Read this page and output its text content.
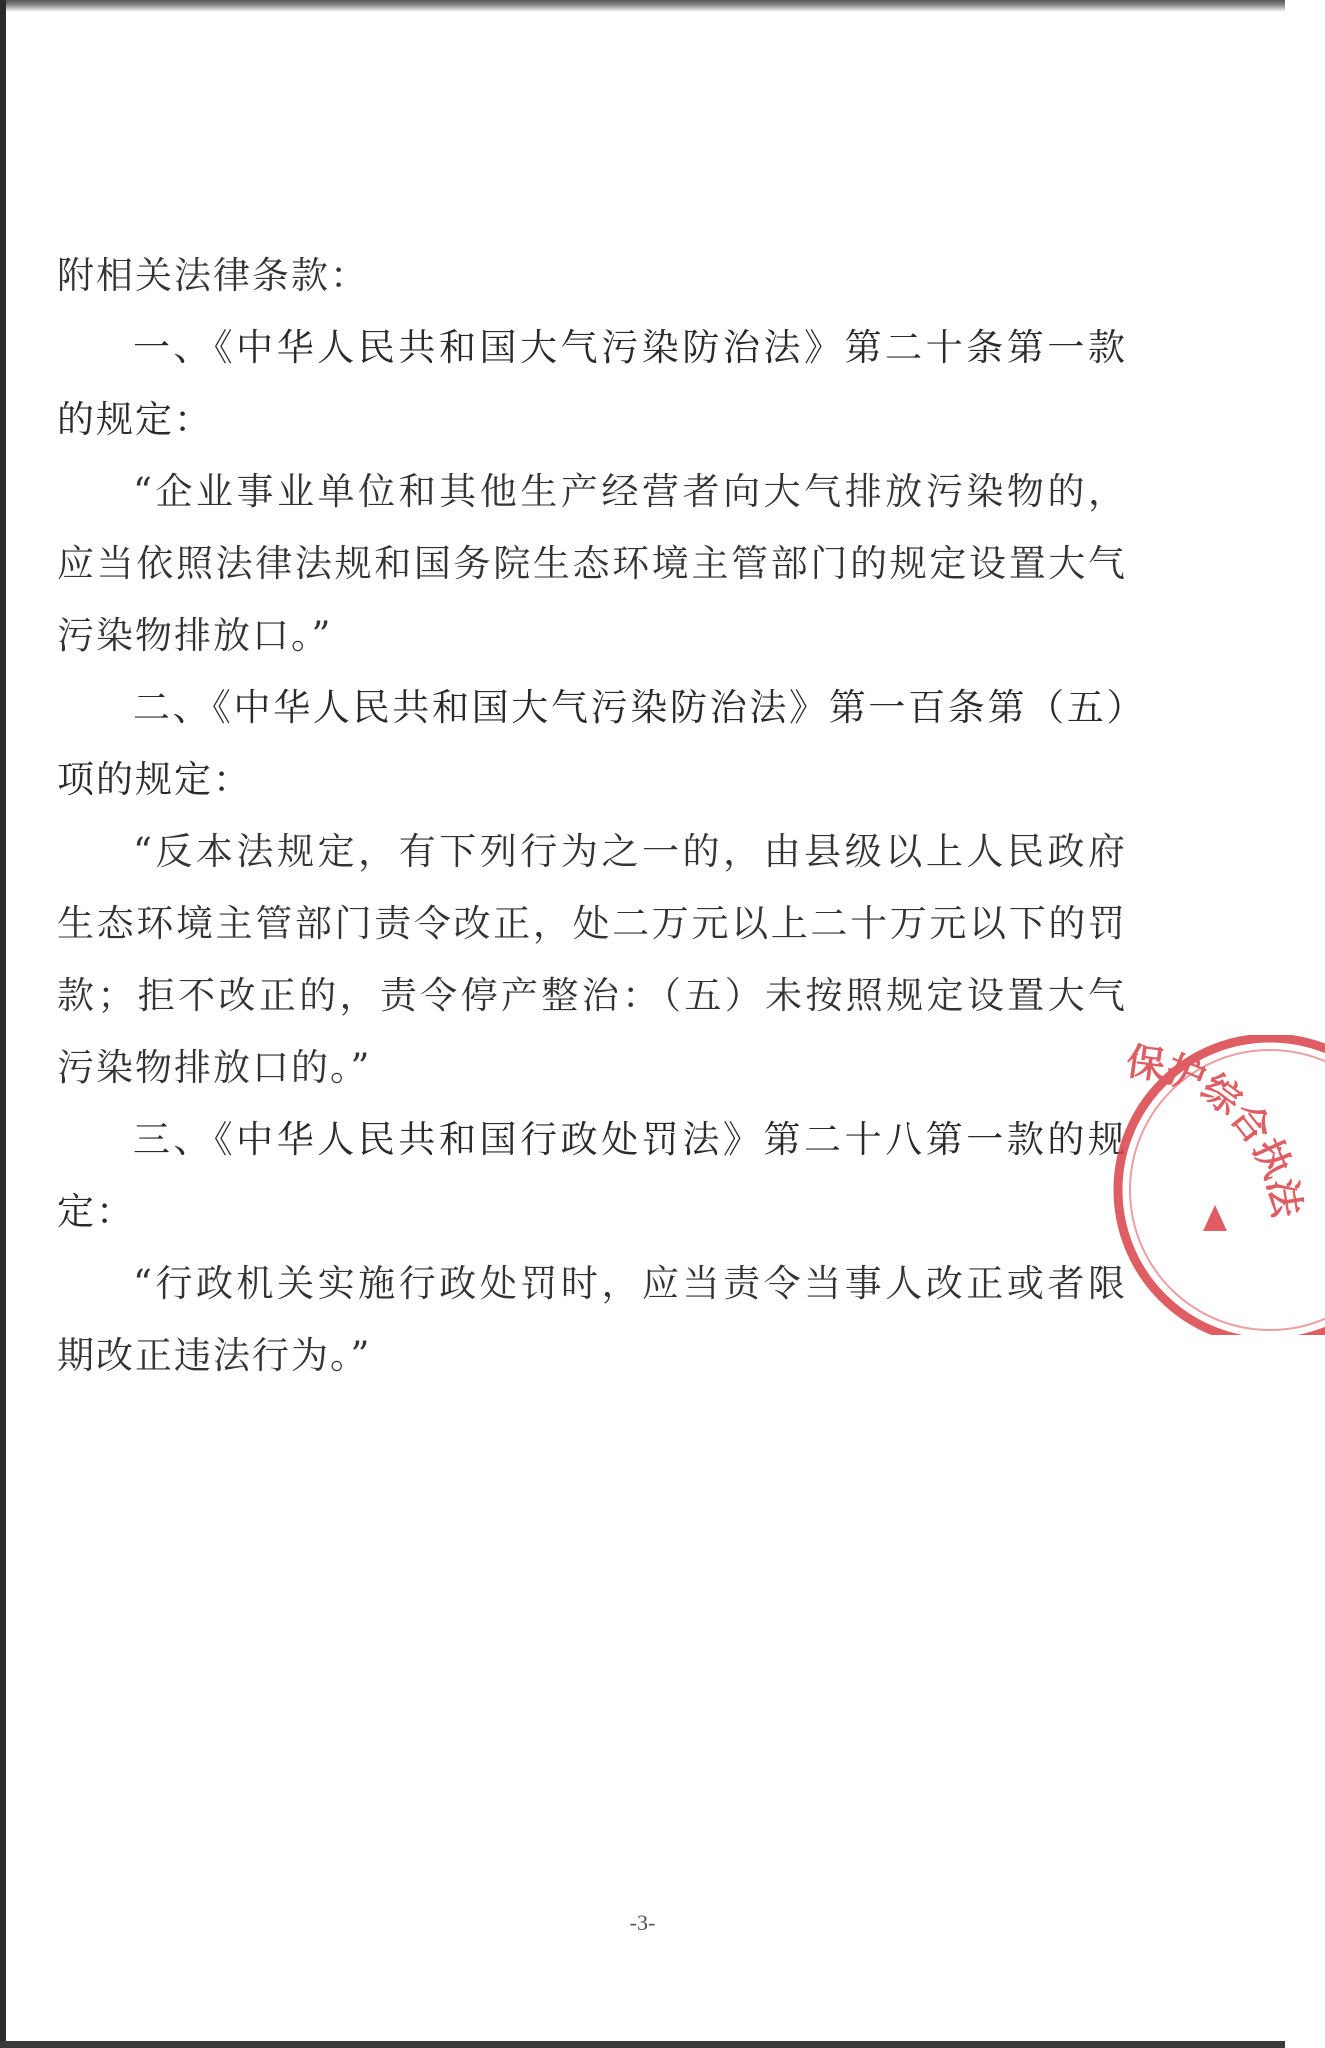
附相关法律条款：

一、《中华人民共和国大气污染防治法》第二十条第一款的规定：

“企业事业单位和其他生产经营者向大气排放污染物的，应当依照法律法规和国务院生态环境主管部门的规定设置大气污染物排放口。”

二、《中华人民共和国大气污染防治法》第一百条第（五）项的规定：

“反本法规定，有下列行为之一的，由县级以上人民政府生态环境主管部门责令改正，处二万元以上二十万元以下的罚款；拒不改正的，责令停产整治：（五）未按照规定设置大气污染物排放口的。”

三、《中华人民共和国行政处罚法》第二十八第一款的规定：

“行政机关实施行政处罚时，应当责令当事人改正或者限期改正违法行为。”

保护综合执法
-3-
